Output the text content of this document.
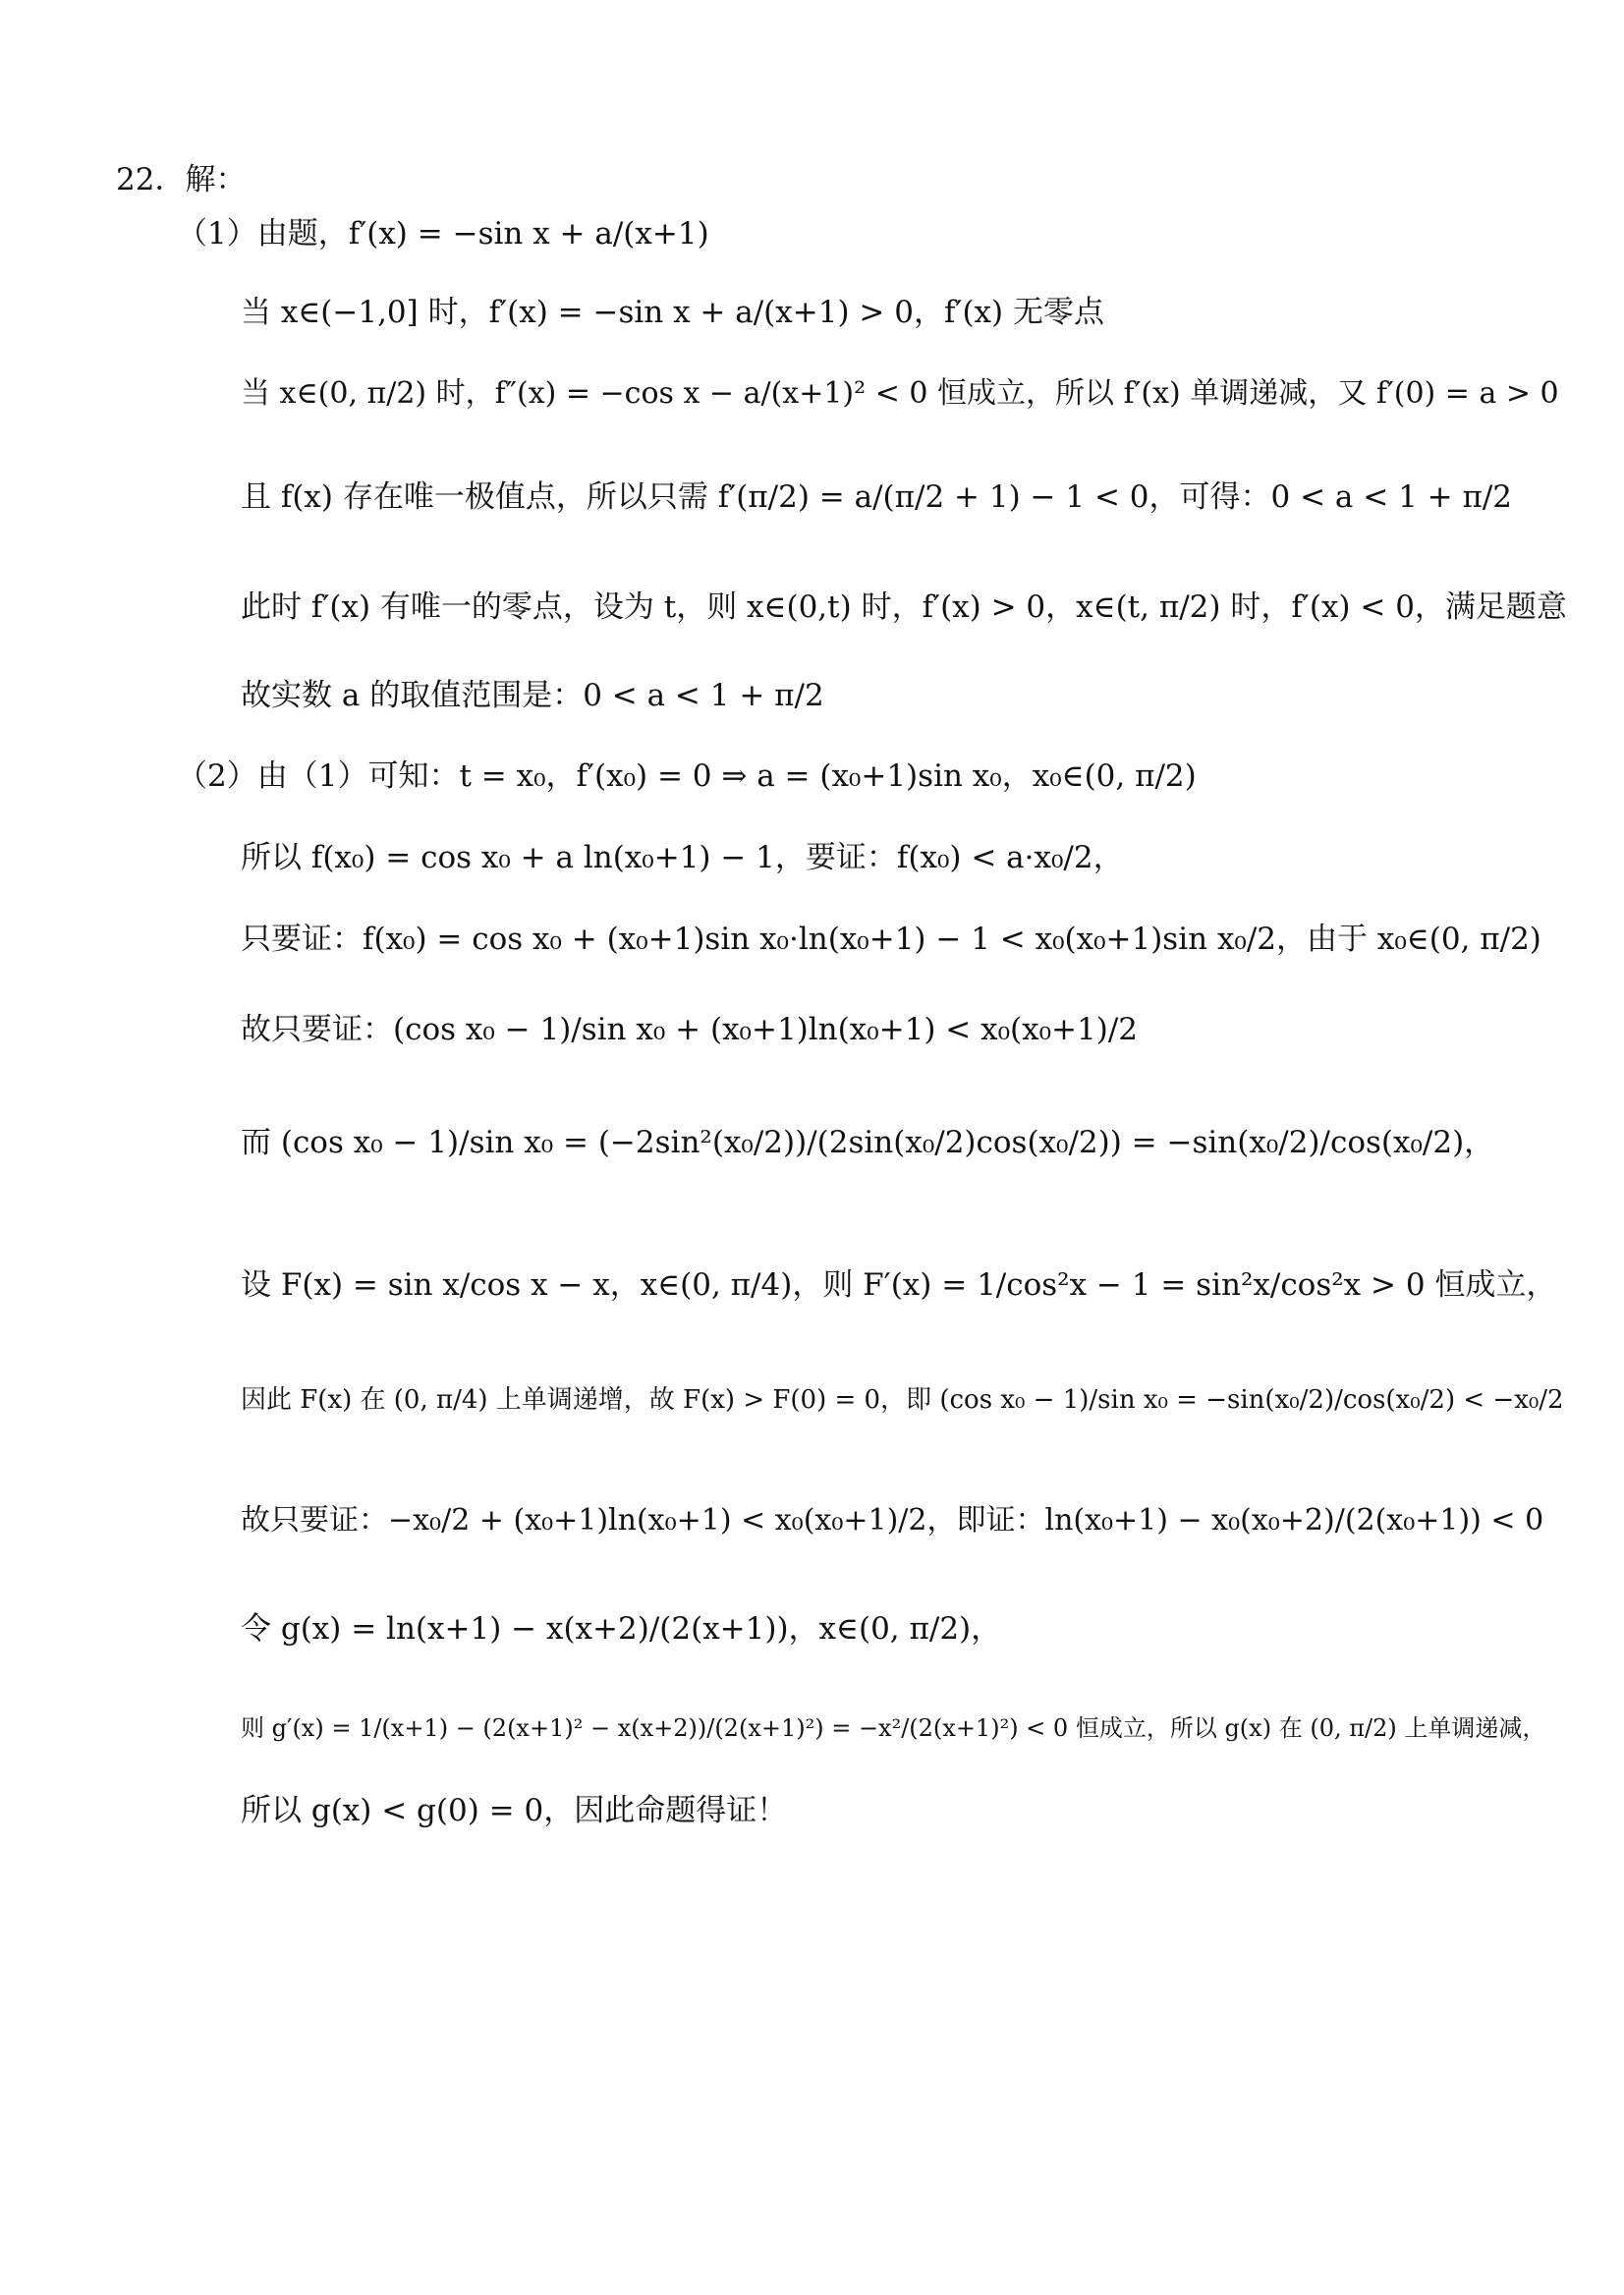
22．解：
（1）由题，f′(x) = −sin x + a/(x+1)
当 x∈(−1,0] 时，f′(x) = −sin x + a/(x+1) > 0，f′(x) 无零点
当 x∈(0, π/2) 时，f″(x) = −cos x − a/(x+1)² < 0 恒成立，所以 f′(x) 单调递减，又 f′(0) = a > 0
且 f(x) 存在唯一极值点，所以只需 f′(π/2) = a/(π/2 + 1) − 1 < 0，可得：0 < a < 1 + π/2
此时 f′(x) 有唯一的零点，设为 t，则 x∈(0,t) 时，f′(x) > 0，x∈(t, π/2) 时，f′(x) < 0，满足题意
故实数 a 的取值范围是：0 < a < 1 + π/2
（2）由（1）可知：t = x₀，f′(x₀) = 0 ⇒ a = (x₀+1)sin x₀，x₀∈(0, π/2)
所以 f(x₀) = cos x₀ + a ln(x₀+1) − 1，要证：f(x₀) < a·x₀/2，
只要证：f(x₀) = cos x₀ + (x₀+1)sin x₀·ln(x₀+1) − 1 < x₀(x₀+1)sin x₀/2，由于 x₀∈(0, π/2)
故只要证：(cos x₀ − 1)/sin x₀ + (x₀+1)ln(x₀+1) < x₀(x₀+1)/2
而 (cos x₀ − 1)/sin x₀ = (−2sin²(x₀/2))/(2sin(x₀/2)cos(x₀/2)) = −sin(x₀/2)/cos(x₀/2)，
设 F(x) = sin x/cos x − x，x∈(0, π/4)，则 F′(x) = 1/cos²x − 1 = sin²x/cos²x > 0 恒成立，
因此 F(x) 在 (0, π/4) 上单调递增，故 F(x) > F(0) = 0，即 (cos x₀ − 1)/sin x₀ = −sin(x₀/2)/cos(x₀/2) < −x₀/2
故只要证：−x₀/2 + (x₀+1)ln(x₀+1) < x₀(x₀+1)/2，即证：ln(x₀+1) − x₀(x₀+2)/(2(x₀+1)) < 0
令 g(x) = ln(x+1) − x(x+2)/(2(x+1))，x∈(0, π/2)，
则 g′(x) = 1/(x+1) − (2(x+1)² − x(x+2))/(2(x+1)²) = −x²/(2(x+1)²) < 0 恒成立，所以 g(x) 在 (0, π/2) 上单调递减，
所以 g(x) < g(0) = 0，因此命题得证！
